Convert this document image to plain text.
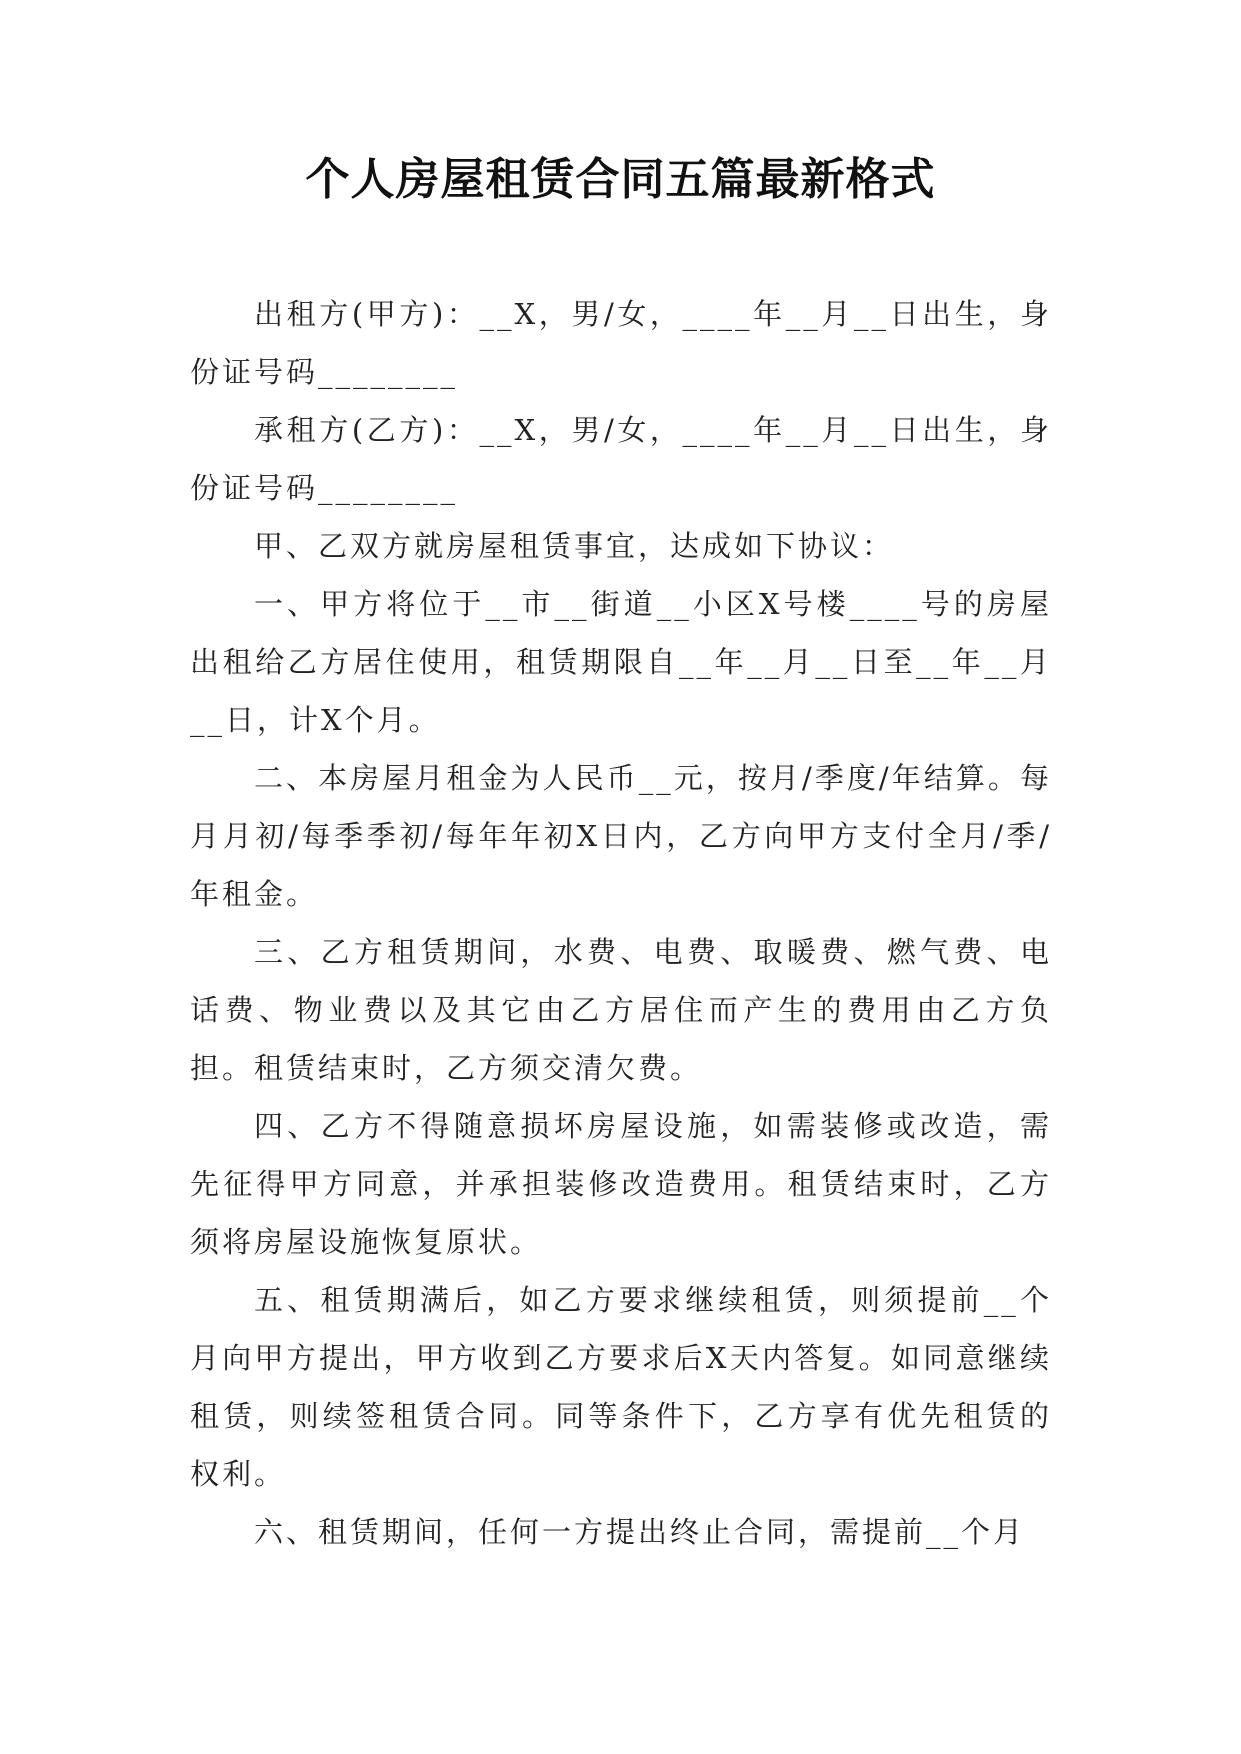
个人房屋租赁合同五篇最新格式

出租方(甲方)：__X，男/女，____年__月__日出生，身份证号码________

承租方(乙方)：__X，男/女，____年__月__日出生，身份证号码________

甲、乙双方就房屋租赁事宜，达成如下协议：

一、甲方将位于__市__街道__小区X号楼____号的房屋出租给乙方居住使用，租赁期限自__年__月__日至__年__月__日，计X个月。

二、本房屋月租金为人民币__元，按月/季度/年结算。每月月初/每季季初/每年年初X日内，乙方向甲方支付全月/季/年租金。

三、乙方租赁期间，水费、电费、取暖费、燃气费、电话费、物业费以及其它由乙方居住而产生的费用由乙方负担。租赁结束时，乙方须交清欠费。

四、乙方不得随意损坏房屋设施，如需装修或改造，需先征得甲方同意，并承担装修改造费用。租赁结束时，乙方须将房屋设施恢复原状。

五、租赁期满后，如乙方要求继续租赁，则须提前__个月向甲方提出，甲方收到乙方要求后X天内答复。如同意继续租赁，则续签租赁合同。同等条件下，乙方享有优先租赁的权利。

六、租赁期间，任何一方提出终止合同，需提前__个月
